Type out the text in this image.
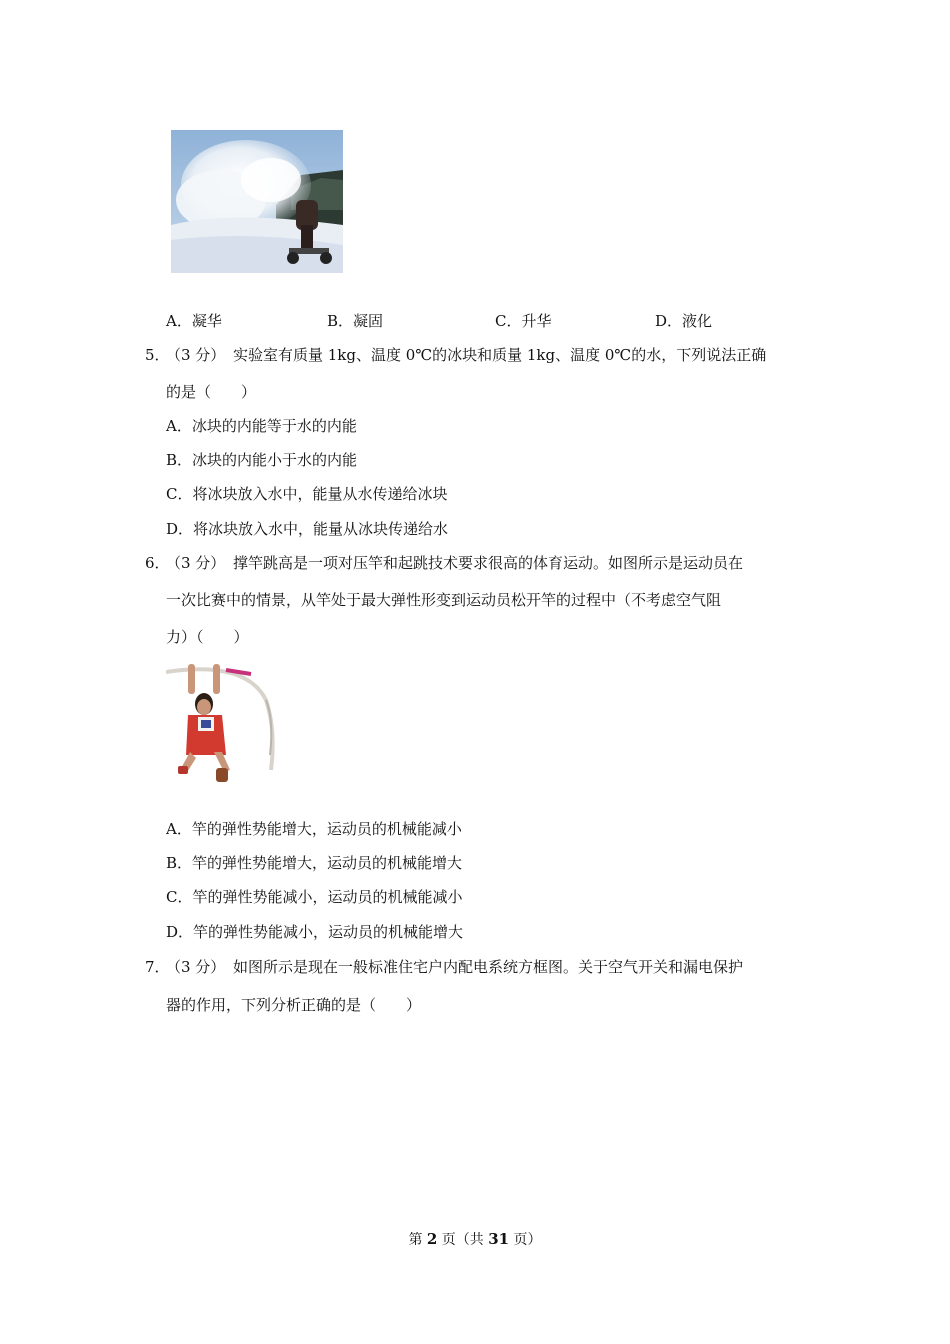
A．凝华	B．凝固	C．升华	D．液化
5．
（3 分） 实验室有质量 1kg、温度 0℃的冰块和质量 1kg、温度 0℃的水，下列说法正确
的是（　　）
A．冰块的内能等于水的内能
B．冰块的内能小于水的内能
C．将冰块放入水中，能量从水传递给冰块
D．将冰块放入水中，能量从冰块传递给水
6．
（3 分） 撑竿跳高是一项对压竿和起跳技术要求很高的体育运动。如图所示是运动员在
一次比赛中的情景，从竿处于最大弹性形变到运动员松开竿的过程中（不考虑空气阻
力）（　　）
A．竿的弹性势能增大，运动员的机械能减小
B．竿的弹性势能增大，运动员的机械能增大
C．竿的弹性势能减小，运动员的机械能减小
D．竿的弹性势能减小，运动员的机械能增大
7．
（3 分） 如图所示是现在一般标准住宅户内配电系统方框图。关于空气开关和漏电保护
器的作用，下列分析正确的是（　　）
第 2 页（共 31 页）
